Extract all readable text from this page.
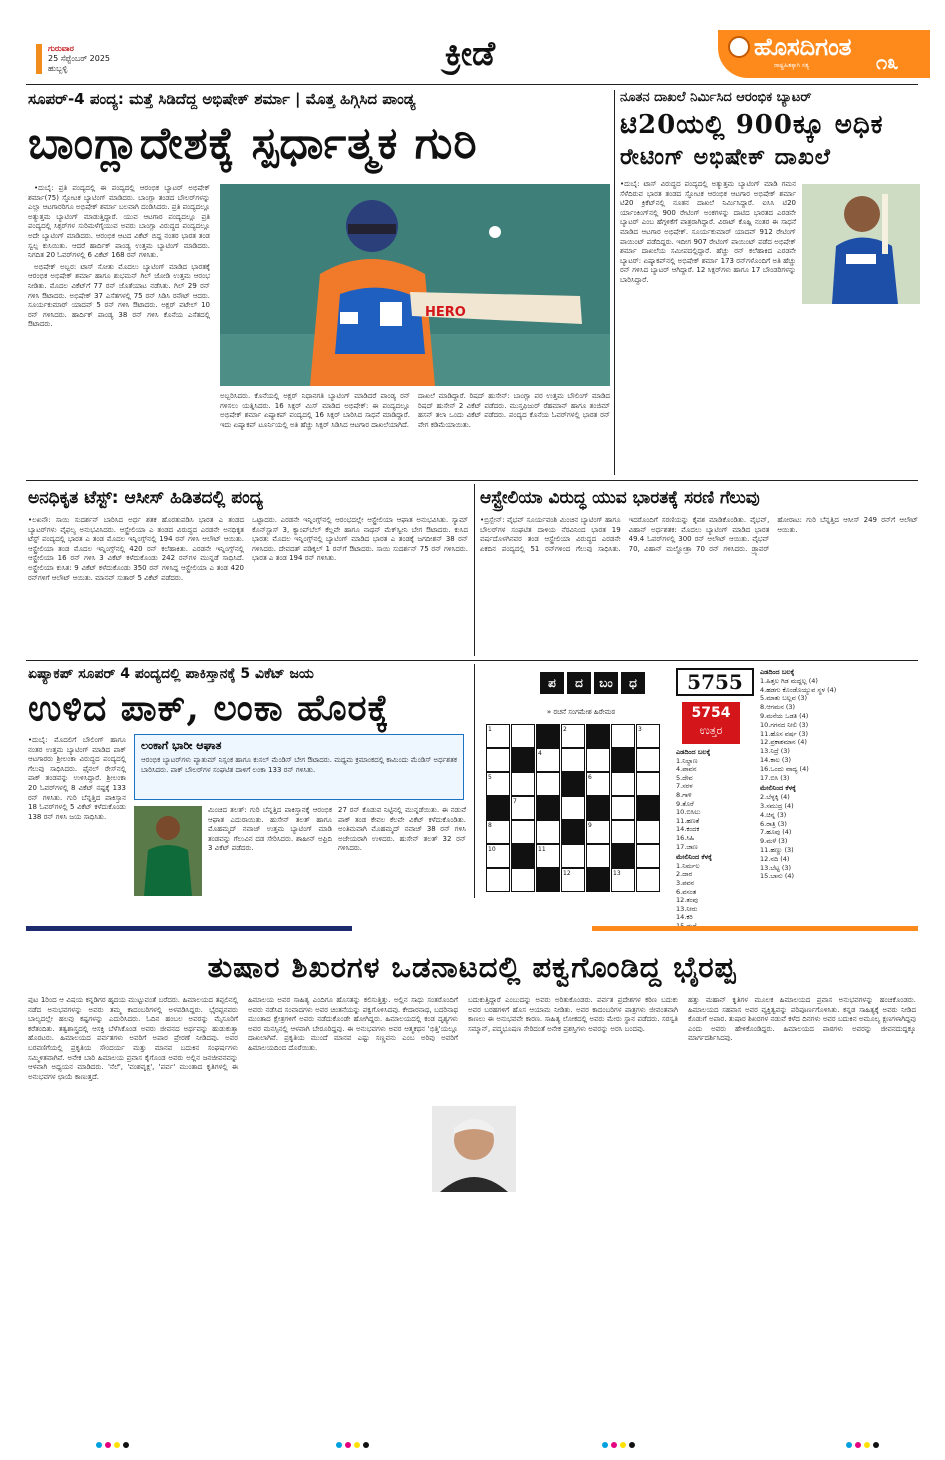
ಗುರುವಾರ
25 ಸೆಪ್ಟೆಂಬರ್ 2025
ಹುಬ್ಬಳ್ಳಿ	ಕ್ರೀಡೆ	ಹೊಸದಿಗಂತ
ರಾಷ್ಟ್ರಹಿತಕ್ಕಾಗಿ ಸತ್ಯ	೧೩
ಸೂಪರ್-4 ಪಂದ್ಯ: ಮತ್ತೆ ಸಿಡಿದೆದ್ದ ಅಭಿಷೇಕ್ ಶರ್ಮಾ | ಮೊತ್ತ ಹಿಗ್ಗಿಸಿದ ಪಾಂಡ್ಯ
ಬಾಂಗ್ಲಾದೇಶಕ್ಕೆ ಸ್ಪರ್ಧಾತ್ಮಕ ಗುರಿ

•ದುಬೈ: ಪ್ರತಿ ಪಂದ್ಯದಲ್ಲಿ ಈ ಪಂದ್ಯದಲ್ಲಿ ಆರಂಭಿಕ ಬ್ಯಾಟರ್ ಅಭಿಷೇಕ್ ಶರ್ಮಾ(75) ಸ್ಫೋಟಕ ಬ್ಯಾಟಿಂಗ್ ಮಾಡಿದರು. ಬಾಂಗ್ಲಾ ತಂಡದ ಬೌಲರ್‌ಗಳನ್ನು ಎಲ್ಲಾ ಆಟಗಾರರಿಗೂ ಅಭಿಷೇಕ್ ಶರ್ಮಾ ಬಲವಾಗಿ ದಂಡಿಸಿದರು. ಪ್ರತಿ ಪಂದ್ಯದಲ್ಲೂ ಅತ್ಯುತ್ತಮ ಬ್ಯಾಟಿಂಗ್ ಮಾಡುತ್ತಿದ್ದಾರೆ. ಯುವ ಆಟಗಾರ ಪಂದ್ಯದಲ್ಲೂ ಪ್ರತಿ ಪಂದ್ಯದಲ್ಲಿ ಸಿಕ್ಸರ್‌ಗಳ ಸುರಿಮಳೆಗೈಯುವ ಅವರು ಬಾಂಗ್ಲಾ ವಿರುದ್ಧದ ಪಂದ್ಯದಲ್ಲೂ ಅದೇ ಬ್ಯಾಟಿಂಗ್ ಮಾಡಿದರು. ಆರಂಭಿಕ ಆಟದ ವಿಕೆಟ್ ಬಿದ್ದ ನಂತರ ಭಾರತ ತಂಡ ಸ್ವಲ್ಪ ಕುಸಿಯಿತು. ಆದರೆ ಹಾರ್ದಿಕ್ ಪಾಂಡ್ಯ ಉತ್ತಮ ಬ್ಯಾಟಿಂಗ್ ಮಾಡಿದರು. ನಿಗದಿತ 20 ಓವರ್‌ಗಳಲ್ಲಿ 6 ವಿಕೆಟ್ 168 ರನ್ ಗಳಿಸಿತು.

ಅಭಿಷೇಕ್ ಅಬ್ಬರ: ಟಾಸ್ ಸೋತು ಮೊದಲು ಬ್ಯಾಟಿಂಗ್ ಮಾಡಿದ ಭಾರತಕ್ಕೆ ಆರಂಭಿಕ ಅಭಿಷೇಕ್ ಶರ್ಮಾ ಹಾಗೂ ಶುಭಮನ್ ಗಿಲ್ ಜೋಡಿ ಉತ್ತಮ ಆರಂಭ ನೀಡಿತು. ಮೊದಲ ವಿಕೆಟ್‌ಗೆ 77 ರನ್ ಜೊತೆಯಾಟ ನಡೆಸಿತು. ಗಿಲ್ 29 ರನ್ ಗಳಿಸಿ ಔಟಾದರು. ಅಭಿಷೇಕ್ 37 ಎಸೆತಗಳಲ್ಲಿ 75 ರನ್ ಸಿಡಿಸಿ ರನೌಟ್ ಆದರು. ಸೂರ್ಯಕುಮಾರ್ ಯಾದವ್ 5 ರನ್ ಗಳಿಸಿ ಔಟಾದರು. ಅಕ್ಷರ್ ಪಟೇಲ್ 10 ರನ್ ಗಳಿಸಿದರು. ಹಾರ್ದಿಕ್ ಪಾಂಡ್ಯ 38 ರನ್ ಗಳಿಸಿ ಕೊನೆಯ ಎಸೆತದಲ್ಲಿ ಔಟಾದರು.

HERO
ಅಬ್ಬರಿಸಿದರು. ಕೊನೆಯಲ್ಲಿ ಅಕ್ಷರ್ ನಿಧಾನಗತಿ ಬ್ಯಾಟಿಂಗ್ ಮಾಡಿದರೆ ಪಾಂಡ್ಯ ರನ್ ಗಳಿಸಲು ಯತ್ನಿಸಿದರು. 16 ಸಿಕ್ಸರ್ ಮಿಸ್ ಮಾಡಿದ ಅಭಿಷೇಕ್: ಈ ಪಂದ್ಯದಲ್ಲೂ ಅಭಿಷೇಕ್ ಶರ್ಮಾ ಏಷ್ಯಾಕಪ್ ಪಂದ್ಯದಲ್ಲಿ 16 ಸಿಕ್ಸರ್ ಬಾರಿಸಿದ ಸಾಧನೆ ಮಾಡಿದ್ದಾರೆ. ಇದು ಏಷ್ಯಾಕಪ್ ಟೂರ್ನಿಯಲ್ಲಿ ಅತಿ ಹೆಚ್ಚು ಸಿಕ್ಸರ್ ಸಿಡಿಸಿದ ಆಟಗಾರ ದಾಖಲೆಯಾಗಿದೆ.
ದಾಖಲೆ ಮಾಡಿದ್ದಾರೆ. ರಿಷದ್ ಹುಸೇನ್: ಬಾಂಗ್ಲಾ ಪರ ಉತ್ತಮ ಬೌಲಿಂಗ್ ಮಾಡಿದ ರಿಷದ್ ಹುಸೇನ್ 2 ವಿಕೆಟ್ ಪಡೆದರು. ಮುಸ್ತಫಿಜುರ್ ರೆಹಮಾನ್ ಹಾಗೂ ತಂಜಿಮ್ ಹಸನ್ ತಲಾ ಒಂದು ವಿಕೆಟ್ ಪಡೆದರು. ಪಂದ್ಯದ ಕೊನೆಯ ಓವರ್‌ಗಳಲ್ಲಿ ಭಾರತ ರನ್ ವೇಗ ಕಡಿಮೆಯಾಯಿತು.
ನೂತನ ದಾಖಲೆ ನಿರ್ಮಿಸಿದ ಆರಂಭಿಕ ಬ್ಯಾಟರ್
ಟಿ20ಯಲ್ಲಿ 900ಕ್ಕೂ ಅಧಿಕ
ರೇಟಿಂಗ್ ಅಭಿಷೇಕ್ ದಾಖಲೆ
•ದುಬೈ: ಟಾಸ್ ವಿರುದ್ಧದ ಪಂದ್ಯದಲ್ಲಿ ಅತ್ಯುತ್ತಮ ಬ್ಯಾಟಿಂಗ್ ಮಾಡಿ ಗಮನ ಸೆಳೆದಿರುವ ಭಾರತ ತಂಡದ ಸ್ಫೋಟಕ ಆರಂಭಿಕ ಆಟಗಾರ ಅಭಿಷೇಕ್ ಶರ್ಮಾ ಟಿ20 ಕ್ರಿಕೆಟ್‌ನಲ್ಲಿ ನೂತನ ದಾಖಲೆ ನಿರ್ಮಿಸಿದ್ದಾರೆ. ಐಸಿಸಿ ಟಿ20 ರ್ಯಾಂಕಿಂಗ್‌ನಲ್ಲಿ 900 ರೇಟಿಂಗ್ ಅಂಕಗಳನ್ನು ದಾಟಿದ ಭಾರತದ ಎರಡನೇ ಬ್ಯಾಟರ್ ಎಂಬ ಹೆಗ್ಗಳಿಕೆಗೆ ಪಾತ್ರರಾಗಿದ್ದಾರೆ. ವಿರಾಟ್ ಕೊಹ್ಲಿ ನಂತರ ಈ ಸಾಧನೆ ಮಾಡಿದ ಆಟಗಾರ ಅಭಿಷೇಕ್. ಸೂರ್ಯಕುಮಾರ್ ಯಾದವ್ 912 ರೇಟಿಂಗ್ ಪಾಯಿಂಟ್ ಪಡೆದಿದ್ದರು. ಇದೀಗ 907 ರೇಟಿಂಗ್ ಪಾಯಿಂಟ್ ಪಡೆದ ಅಭಿಷೇಕ್ ಶರ್ಮಾ ದಾಖಲೆಯ ಸಮೀಪದಲ್ಲಿದ್ದಾರೆ. ಹೆಚ್ಚು ರನ್ ಕಲೆಹಾಕಿದ ಎರಡನೇ ಬ್ಯಾಟರ್: ಏಷ್ಯಾಕಪ್‌ನಲ್ಲಿ ಅಭಿಷೇಕ್ ಶರ್ಮಾ 173 ರನ್‌ಗಳೊಂದಿಗೆ ಅತಿ ಹೆಚ್ಚು ರನ್ ಗಳಿಸಿದ ಬ್ಯಾಟರ್ ಆಗಿದ್ದಾರೆ. 12 ಸಿಕ್ಸರ್‌ಗಳು ಹಾಗೂ 17 ಬೌಂಡರಿಗಳನ್ನು ಬಾರಿಸಿದ್ದಾರೆ.
ಅನಧಿಕೃತ ಟೆಸ್ಟ್: ಆಸೀಸ್ ಹಿಡಿತದಲ್ಲಿ ಪಂದ್ಯ
•ಲಖನೌ: ಸಾಯಿ ಸುದರ್ಶನ್ ಬಾರಿಸಿದ ಅರ್ಧ ಶತಕ ಹೊರತುಪಡಿಸಿ ಭಾರತ ಎ ತಂಡದ ಬ್ಯಾಟರ್‌ಗಳು ವೈಫಲ್ಯ ಅನುಭವಿಸಿದರು. ಆಸ್ಟ್ರೇಲಿಯಾ ಎ ತಂಡದ ವಿರುದ್ಧದ ಎರಡನೇ ಅನಧಿಕೃತ ಟೆಸ್ಟ್ ಪಂದ್ಯದಲ್ಲಿ ಭಾರತ ಎ ತಂಡ ಮೊದಲ ಇನ್ನಿಂಗ್ಸ್‌ನಲ್ಲಿ 194 ರನ್ ಗಳಿಸಿ ಆಲೌಟ್ ಆಯಿತು. ಆಸ್ಟ್ರೇಲಿಯಾ ತಂಡ ಮೊದಲ ಇನ್ನಿಂಗ್ಸ್‌ನಲ್ಲಿ 420 ರನ್ ಕಲೆಹಾಕಿತು. ಎರಡನೇ ಇನ್ನಿಂಗ್ಸ್‌ನಲ್ಲಿ ಆಸ್ಟ್ರೇಲಿಯಾ 16 ರನ್ ಗಳಿಸಿ 3 ವಿಕೆಟ್ ಕಳೆದುಕೊಂಡು 242 ರನ್‌ಗಳ ಮುನ್ನಡೆ ಸಾಧಿಸಿದೆ. ಅಸ್ಟ್ರೇಲಿಯಾ ಕುಸಿತ: 9 ವಿಕೆಟ್ ಕಳೆದುಕೊಂಡು 350 ರನ್ ಗಳಿಸಿದ್ದ ಆಸ್ಟ್ರೇಲಿಯಾ ಎ ತಂಡ 420 ರನ್‌ಗಳಿಗೆ ಆಲೌಟ್ ಆಯಿತು. ಮಾನವ್ ಸುತಾರ್ 5 ವಿಕೆಟ್ ಪಡೆದರು.
ಒಟ್ಟಾದರು. ಎರಡನೇ ಇನ್ನಿಂಗ್ಸ್‌ನಲ್ಲಿ ಆರಂಭದಲ್ಲೇ ಆಸ್ಟ್ರೇಲಿಯಾ ಆಘಾತ ಅನುಭವಿಸಿತು. ಸ್ಯಾಮ್ ಕೊನ್‌ಸ್ಟಾಸ್ 3, ಕ್ಯಾಂಪ್‌ಬೆಲ್ ಕೆಲ್ಲವೇ ಹಾಗೂ ನಾಥನ್ ಮೆಕ್‌ಸ್ವೀನಿ ಬೇಗ ಔಟಾದರು. ಕುಸಿದ ಭಾರತ: ಮೊದಲ ಇನ್ನಿಂಗ್ಸ್‌ನಲ್ಲಿ ಬ್ಯಾಟಿಂಗ್ ಮಾಡಿದ ಭಾರತ ಎ ತಂಡಕ್ಕೆ ಜಗದೀಶನ್ 38 ರನ್ ಗಳಿಸಿದರು. ದೇವದತ್ ಪಡಿಕ್ಕಲ್ 1 ರನ್‌ಗೆ ಔಟಾದರು. ಸಾಯಿ ಸುದರ್ಶನ್ 75 ರನ್ ಗಳಿಸಿದರು. ಭಾರತ ಎ ತಂಡ 194 ರನ್ ಗಳಿಸಿತು.
ಆಸ್ಟ್ರೇಲಿಯಾ ವಿರುದ್ಧ ಯುವ ಭಾರತಕ್ಕೆ ಸರಣಿ ಗೆಲುವು
•ಬ್ರಿಸ್ಬೇನ್: ವೈಭವ್ ಸೂರ್ಯವಂಶಿ ಮಿಂಚಿನ ಬ್ಯಾಟಿಂಗ್ ಹಾಗೂ ಬೌಲರ್‌ಗಳ ಸಂಘಟಿತ ದಾಳಿಯ ನೆರವಿನಿಂದ ಭಾರತ 19 ವರ್ಷದೊಳಗಿನವರ ತಂಡ ಆಸ್ಟ್ರೇಲಿಯಾ ವಿರುದ್ಧದ ಎರಡನೇ ಏಕದಿನ ಪಂದ್ಯದಲ್ಲಿ 51 ರನ್‌ಗಳಿಂದ ಗೆಲುವು ಸಾಧಿಸಿತು. ಇದರೊಂದಿಗೆ ಸರಣಿಯನ್ನು ಕೈವಶ ಮಾಡಿಕೊಂಡಿತು. ವೈಭವ್, ವಿಹಾನ್ ಅರ್ಧಶತಕ: ಮೊದಲು ಬ್ಯಾಟಿಂಗ್ ಮಾಡಿದ ಭಾರತ 49.4 ಓವರ್‌ಗಳಲ್ಲಿ 300 ರನ್ ಆಲೌಟ್ ಆಯಿತು. ವೈಭವ್ 70, ವಿಹಾನ್ ಮಲ್ಹೋತ್ರಾ 70 ರನ್ ಗಳಿಸಿದರು. ಡ್ರ್ಯಾವರ್ ಹೋರಾಟ: ಗುರಿ ಬೆನ್ನತ್ತಿದ ಆಸೀಸ್ 249 ರನ್‌ಗೆ ಆಲೌಟ್ ಆಯಿತು.
ಏಷ್ಯಾಕಪ್ ಸೂಪರ್ 4 ಪಂದ್ಯದಲ್ಲಿ ಪಾಕಿಸ್ತಾನಕ್ಕೆ 5 ವಿಕೆಟ್ ಜಯ
ಉಳಿದ ಪಾಕ್, ಲಂಕಾ ಹೊರಕ್ಕೆ
•ದುಬೈ: ಮೊದಲಿಗೆ ಬೌಲಿಂಗ್ ಹಾಗೂ ನಂತರ ಉತ್ತಮ ಬ್ಯಾಟಿಂಗ್ ಮಾಡಿದ ಪಾಕ್ ಆಟಗಾರರು ಶ್ರೀಲಂಕಾ ವಿರುದ್ಧದ ಪಂದ್ಯದಲ್ಲಿ ಗೆಲುವು ಸಾಧಿಸಿದರು. ಫೈನಲ್ ರೇಸ್‌ನಲ್ಲಿ ಪಾಕ್ ತಂಡವನ್ನು ಉಳಿಸಿದ್ದಾರೆ. ಶ್ರೀಲಂಕಾ 20 ಓವರ್‌ಗಳಲ್ಲಿ 8 ವಿಕೆಟ್ ನಷ್ಟಕ್ಕೆ 133 ರನ್ ಗಳಿಸಿತು. ಗುರಿ ಬೆನ್ನತ್ತಿದ ಪಾಕಿಸ್ತಾನ 18 ಓವರ್‌ಗಳಲ್ಲಿ 5 ವಿಕೆಟ್ ಕಳೆದುಕೊಂಡು 138 ರನ್ ಗಳಿಸಿ ಜಯ ಸಾಧಿಸಿತು.
ಲಂಕಾಗೆ ಭಾರೀ ಆಘಾತ
ಆರಂಭಿಕ ಬ್ಯಾಟರ್‌ಗಳು ಪ್ಯಾತುಮ್ ನಿಸ್ಸಂಕ ಹಾಗೂ ಕುಸಲ್ ಮೆಂಡಿಸ್ ಬೇಗ ಔಟಾದರು. ಮಧ್ಯಮ ಕ್ರಮಾಂಕದಲ್ಲಿ ಕಾಮಿಂದು ಮೆಂಡಿಸ್ ಅರ್ಧಶತಕ ಬಾರಿಸಿದರು. ಪಾಕ್ ಬೌಲರ್‌ಗಳ ಸಂಘಟಿತ ದಾಳಿಗೆ ಲಂಕಾ 133 ರನ್ ಗಳಿಸಿತು.
ಮಿಂಚಿದ ತಲತ್: ಗುರಿ ಬೆನ್ನತ್ತಿದ ಪಾಕಿಸ್ತಾನಕ್ಕೆ ಆರಂಭಿಕ ಆಘಾತ ಎದುರಾಯಿತು. ಹುಸೇನ್ ತಲತ್ ಹಾಗೂ ಮೊಹಮ್ಮದ್ ನವಾಜ್ ಉತ್ತಮ ಬ್ಯಾಟಿಂಗ್ ಮಾಡಿ ತಂಡವನ್ನು ಗೆಲುವಿನ ದಡ ಸೇರಿಸಿದರು. ಶಾಹೀನ್ ಅಫ್ರಿದಿ 3 ವಿಕೆಟ್ ಪಡೆದರು.
27 ರನ್ ಕೊಡುವ ನಿಟ್ಟಿನಲ್ಲಿ ಮುನ್ನಡೆಯಿತು. ಈ ನಡುವೆ ಪಾಕ್ ತಂಡ ಕೇವಲ ಕೆಲವೇ ವಿಕೆಟ್ ಕಳೆದುಕೊಂಡಿತು. ಅಂತಿಮವಾಗಿ ಮೊಹಮ್ಮದ್ ನವಾಜ್ 38 ರನ್ ಗಳಿಸಿ ಅಜೇಯರಾಗಿ ಉಳಿದರು. ಹುಸೇನ್ ತಲತ್ 32 ರನ್ ಗಳಿಸಿದರು.
ಪ	ದ	ಬಂ	ಧ	5755
5754
ಉತ್ತರ
» ರಚನೆ ಸಂಗಮೇಶ ಹಿರೇಮಠ
1	2	3
4
5	6
7
8	9
10	11
12	13
ಎಡದಿಂದ ಬಲಕ್ಕೆ
1.ನಿಲ್ದಾಣ
4.ಪಾವನ
5.ದೇವ
7.ಸರಳ
8.ಗಾಳಿ
9.ತೊರೆ
10.ಬಿಸಿಲು
11.ಹಣತೆ
14.ಕಂದಕ
16.ಸಿಹಿ
17.ಜಾಣ
ಮೇಲಿನಿಂದ ಕೆಳಕ್ಕೆ
1.ನಿರ್ಮಲ
2.ದಾರ
3.ಪವನ
6.ವಸಂತ
12.ತಂಪು
13.ನೀರು
14.ಕರಿ
ಎಡದಿಂದ ಬಲಕ್ಕೆ
1.ಹಿತ್ತಲ ಗಿಡ ಮದ್ದಲ್ಲ (4)
4.ಹಡಗು ಕೊಂಡೊಯ್ಯುವ ಸ್ಥಳ (4)
5.ಮಾತು ಬಲ್ಲವ (3)
8.ಆಗಮನ (3)
9.ಮನೆಯ ಒಡತಿ (4)
10.ಗಗನದ ನೀಲಿ (3)
11.ಹೊಸ ವರ್ಷ (3)
12.ಪ್ರಕಾಶಮಾನ (4)
13.ನಿದ್ರೆ (3)
14.ಕಾಲ (3)
16.ಒಂದು ವಾದ್ಯ (4)
17.ಬಿಸಿ (3)
ಮೇಲಿನಿಂದ ಕೆಳಕ್ಕೆ
2.ಬೆಳ್ಳಕ್ಕಿ (4)
3.ಸಮುದ್ರ (4)
4.ಚಿನ್ನ (3)
6.ರಾತ್ರಿ (3)
7.ಹೂವು (4)
9.ಮಳೆ (3)
11.ಹಣ್ಣು (3)
12.ನದಿ (4)
13.ಬೆಟ್ಟ (3)
15.ಬಾನು (4)
ತುಷಾರ ಶಿಖರಗಳ ಒಡನಾಟದಲ್ಲಿ ಪಕ್ವಗೊಂಡಿದ್ದ ಭೈರಪ್ಪ
ಪುಟ 1ರಿಂದ ಆ ವಿಷಯ ಕನ್ನಡಿಗರ ಹೃದಯ ಮುಟ್ಟುವಂತೆ ಬರೆದರು. ಹಿಮಾಲಯದ ತಪ್ಪಲಿನಲ್ಲಿ ನಡೆದ ಅನುಭವಗಳನ್ನು ಅವರು ತಮ್ಮ ಕಾದಂಬರಿಗಳಲ್ಲಿ ಅಳವಡಿಸಿದ್ದರು. ಭೈರಪ್ಪನವರು ಬಾಲ್ಯದಲ್ಲೇ ಹಲವು ಕಷ್ಟಗಳನ್ನು ಎದುರಿಸಿದರು. ಓದಿನ ಹಂಬಲ ಅವರನ್ನು ಮೈಸೂರಿಗೆ ಕರೆತಂದಿತು. ತತ್ವಶಾಸ್ತ್ರದಲ್ಲಿ ಆಸಕ್ತಿ ಬೆಳೆಸಿಕೊಂಡ ಅವರು ಜೀವನದ ಅರ್ಥವನ್ನು ಹುಡುಕುತ್ತಾ ಹೊರಟರು. ಹಿಮಾಲಯದ ಪರ್ವತಗಳು ಅವರಿಗೆ ಅಪಾರ ಪ್ರೇರಣೆ ನೀಡಿದವು. ಅವರ ಬರವಣಿಗೆಯಲ್ಲಿ ಪ್ರಕೃತಿಯ ಸೌಂದರ್ಯ ಮತ್ತು ಮಾನವ ಬದುಕಿನ ಸಂಘರ್ಷಗಳು ಸಮ್ಮಿಳಿತವಾಗಿವೆ. ಅನೇಕ ಬಾರಿ ಹಿಮಾಲಯ ಪ್ರವಾಸ ಕೈಗೊಂಡ ಅವರು ಅಲ್ಲಿನ ಜನಜೀವನವನ್ನು ಆಳವಾಗಿ ಅಧ್ಯಯನ ಮಾಡಿದರು. 'ನೆಲೆ', 'ವಂಶವೃಕ್ಷ', 'ಪರ್ವ' ಮುಂತಾದ ಕೃತಿಗಳಲ್ಲಿ ಈ ಅನುಭವಗಳ ಛಾಯೆ ಕಾಣುತ್ತದೆ.
ಹಿಮಾಲಯ ಅವರ ಸಾಹಿತ್ಯ ಎಂದಿಗೂ ಹೊಸತನ್ನು ಕಲಿಸುತ್ತಿತ್ತು. ಅಲ್ಲಿನ ಸಾಧು ಸಂತರೊಂದಿಗೆ ಅವರು ನಡೆಸಿದ ಸಂವಾದಗಳು ಅವರ ಚಿಂತನೆಯನ್ನು ಪಕ್ವಗೊಳಿಸಿದವು. ಕೇದಾರನಾಥ, ಬದರಿನಾಥ ಮುಂತಾದ ಕ್ಷೇತ್ರಗಳಿಗೆ ಅವರು ನಡೆದುಕೊಂಡೇ ಹೋಗಿದ್ದರು. ಹಿಮಾಲಯದಲ್ಲಿ ಕಂಡ ದೃಶ್ಯಗಳು ಅವರ ಮನಸ್ಸಿನಲ್ಲಿ ಆಳವಾಗಿ ಬೇರೂರಿದ್ದವು. ಈ ಅನುಭವಗಳು ಅವರ ಆತ್ಮಕಥನ 'ಭಿತ್ತಿ'ಯಲ್ಲೂ ದಾಖಲಾಗಿವೆ. ಪ್ರಕೃತಿಯ ಮುಂದೆ ಮಾನವ ಎಷ್ಟು ಸಣ್ಣವನು ಎಂಬ ಅರಿವು ಅವರಿಗೆ ಹಿಮಾಲಯದಿಂದ ದೊರೆಯಿತು.
ಬದುಕುತ್ತಿದ್ದಾರೆ ಎಂಬುದನ್ನು ಅವರು ಅರಿತುಕೊಂಡರು. ಪರ್ವತ ಪ್ರದೇಶಗಳ ಕಠಿಣ ಬದುಕು ಅವರ ಬರಹಗಳಿಗೆ ಹೊಸ ಆಯಾಮ ನೀಡಿತು. ಅವರ ಕಾದಂಬರಿಗಳ ಪಾತ್ರಗಳು ಜೀವಂತವಾಗಿ ಕಾಣಲು ಈ ಅನುಭವವೇ ಕಾರಣ. ಸಾಹಿತ್ಯ ಲೋಕದಲ್ಲಿ ಅವರು ಮೇರು ಸ್ಥಾನ ಪಡೆದರು. ಸರಸ್ವತಿ ಸಮ್ಮಾನ್, ಪದ್ಮಭೂಷಣ ಸೇರಿದಂತೆ ಅನೇಕ ಪ್ರಶಸ್ತಿಗಳು ಅವರನ್ನು ಅರಸಿ ಬಂದವು.
ಹತ್ತು ಮಹಾನ್ ಕೃತಿಗಳ ಮೂಲಕ ಹಿಮಾಲಯದ ಪ್ರವಾಸ ಅನುಭವಗಳನ್ನು ಹಂಚಿಕೊಂಡರು. ಹಿಮಾಲಯದ ಸಹವಾಸ ಅವರ ವ್ಯಕ್ತಿತ್ವವನ್ನು ಪರಿಪೂರ್ಣಗೊಳಿಸಿತು. ಕನ್ನಡ ಸಾಹಿತ್ಯಕ್ಕೆ ಅವರು ನೀಡಿದ ಕೊಡುಗೆ ಅಪಾರ. ತುಷಾರ ಶಿಖರಗಳ ನಡುವೆ ಕಳೆದ ದಿನಗಳು ಅವರ ಬದುಕಿನ ಅಮೂಲ್ಯ ಕ್ಷಣಗಳಾಗಿದ್ದವು ಎಂದು ಅವರು ಹೇಳಿಕೊಂಡಿದ್ದರು. ಹಿಮಾಲಯದ ಪಾಠಗಳು ಅವರನ್ನು ಜೀವನದುದ್ದಕ್ಕೂ ಮಾರ್ಗದರ್ಶಿಸಿದವು.
